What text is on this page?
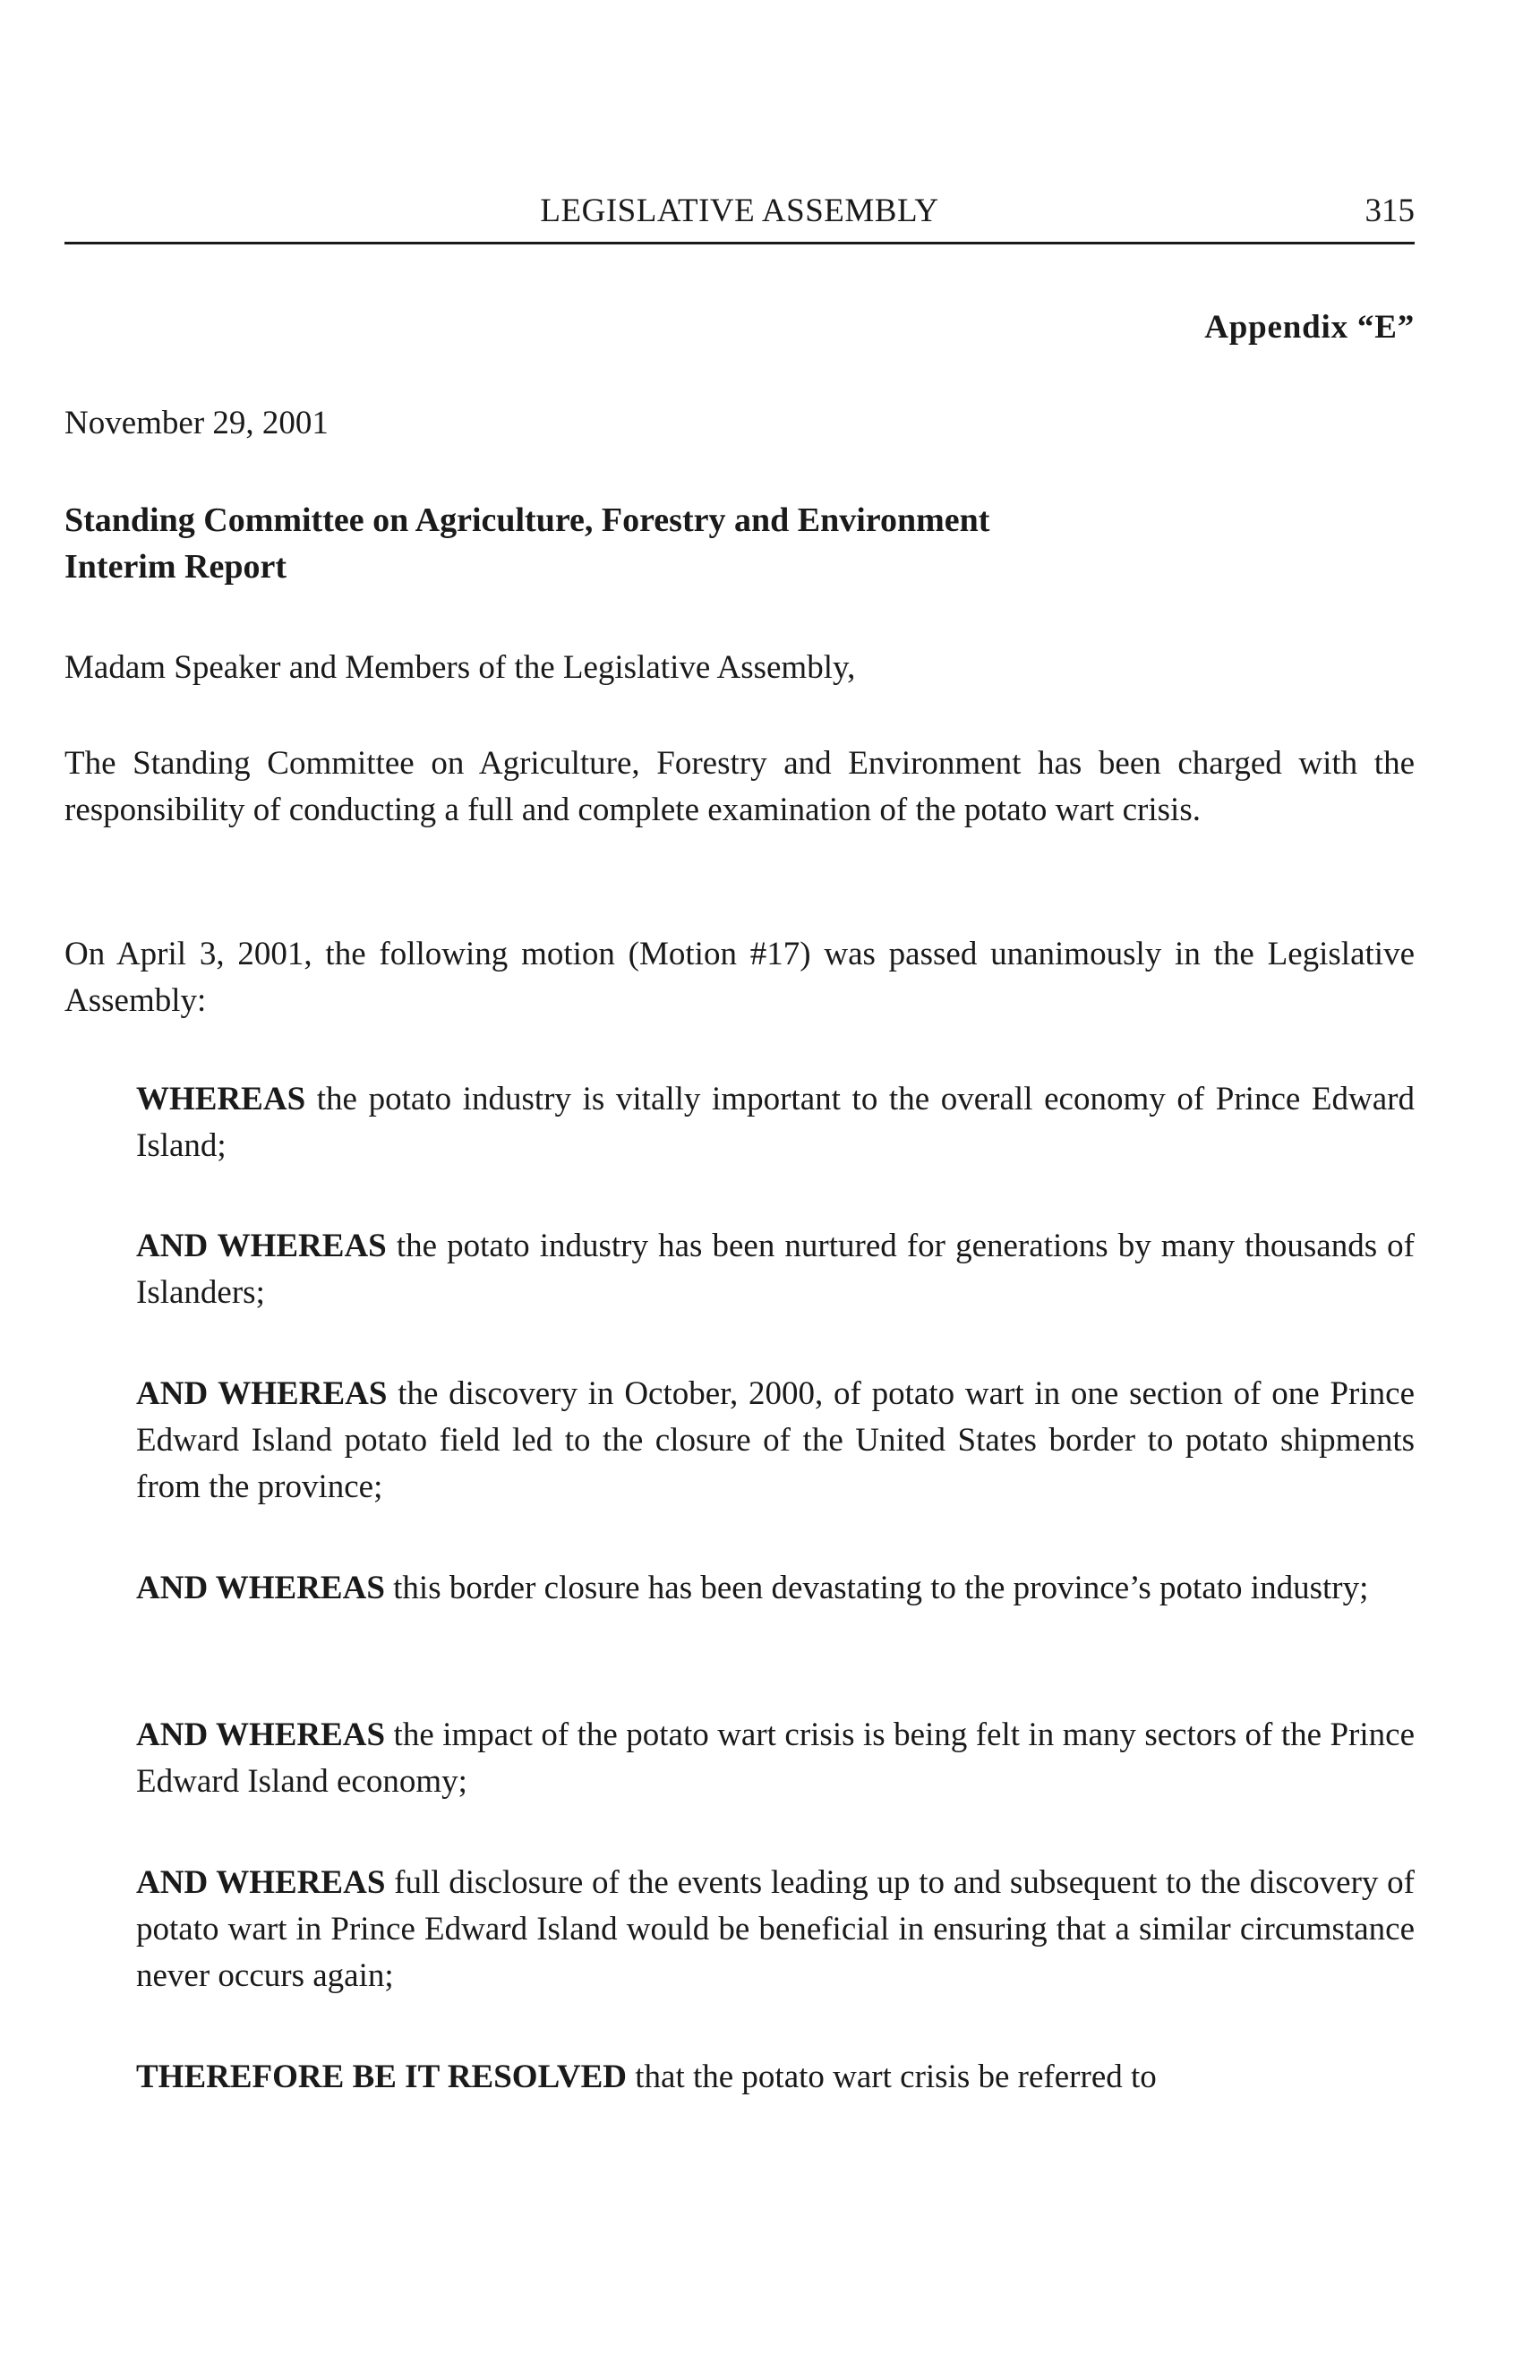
LEGISLATIVE ASSEMBLY	315
Appendix “E”
November 29, 2001
Standing Committee on Agriculture, Forestry and Environment
Interim Report
Madam Speaker and Members of the Legislative Assembly,
The Standing Committee on Agriculture, Forestry and Environment has been charged with the responsibility of conducting a full and complete examination of the potato wart crisis.
On April 3, 2001, the following motion (Motion #17) was passed unanimously in the Legislative Assembly:
WHEREAS the potato industry is vitally important to the overall economy of Prince Edward Island;
AND WHEREAS the potato industry has been nurtured for generations by many thousands of Islanders;
AND WHEREAS the discovery in October, 2000, of potato wart in one section of one Prince Edward Island potato field led to the closure of the United States border to potato shipments from the province;
AND WHEREAS this border closure has been devastating to the province’s potato industry;
AND WHEREAS the impact of the potato wart crisis is being felt in many sectors of the Prince Edward Island economy;
AND WHEREAS full disclosure of the events leading up to and subsequent to the discovery of potato wart in Prince Edward Island would be beneficial in ensuring that a similar circumstance never occurs again;
THEREFORE BE IT RESOLVED that the potato wart crisis be referred to
